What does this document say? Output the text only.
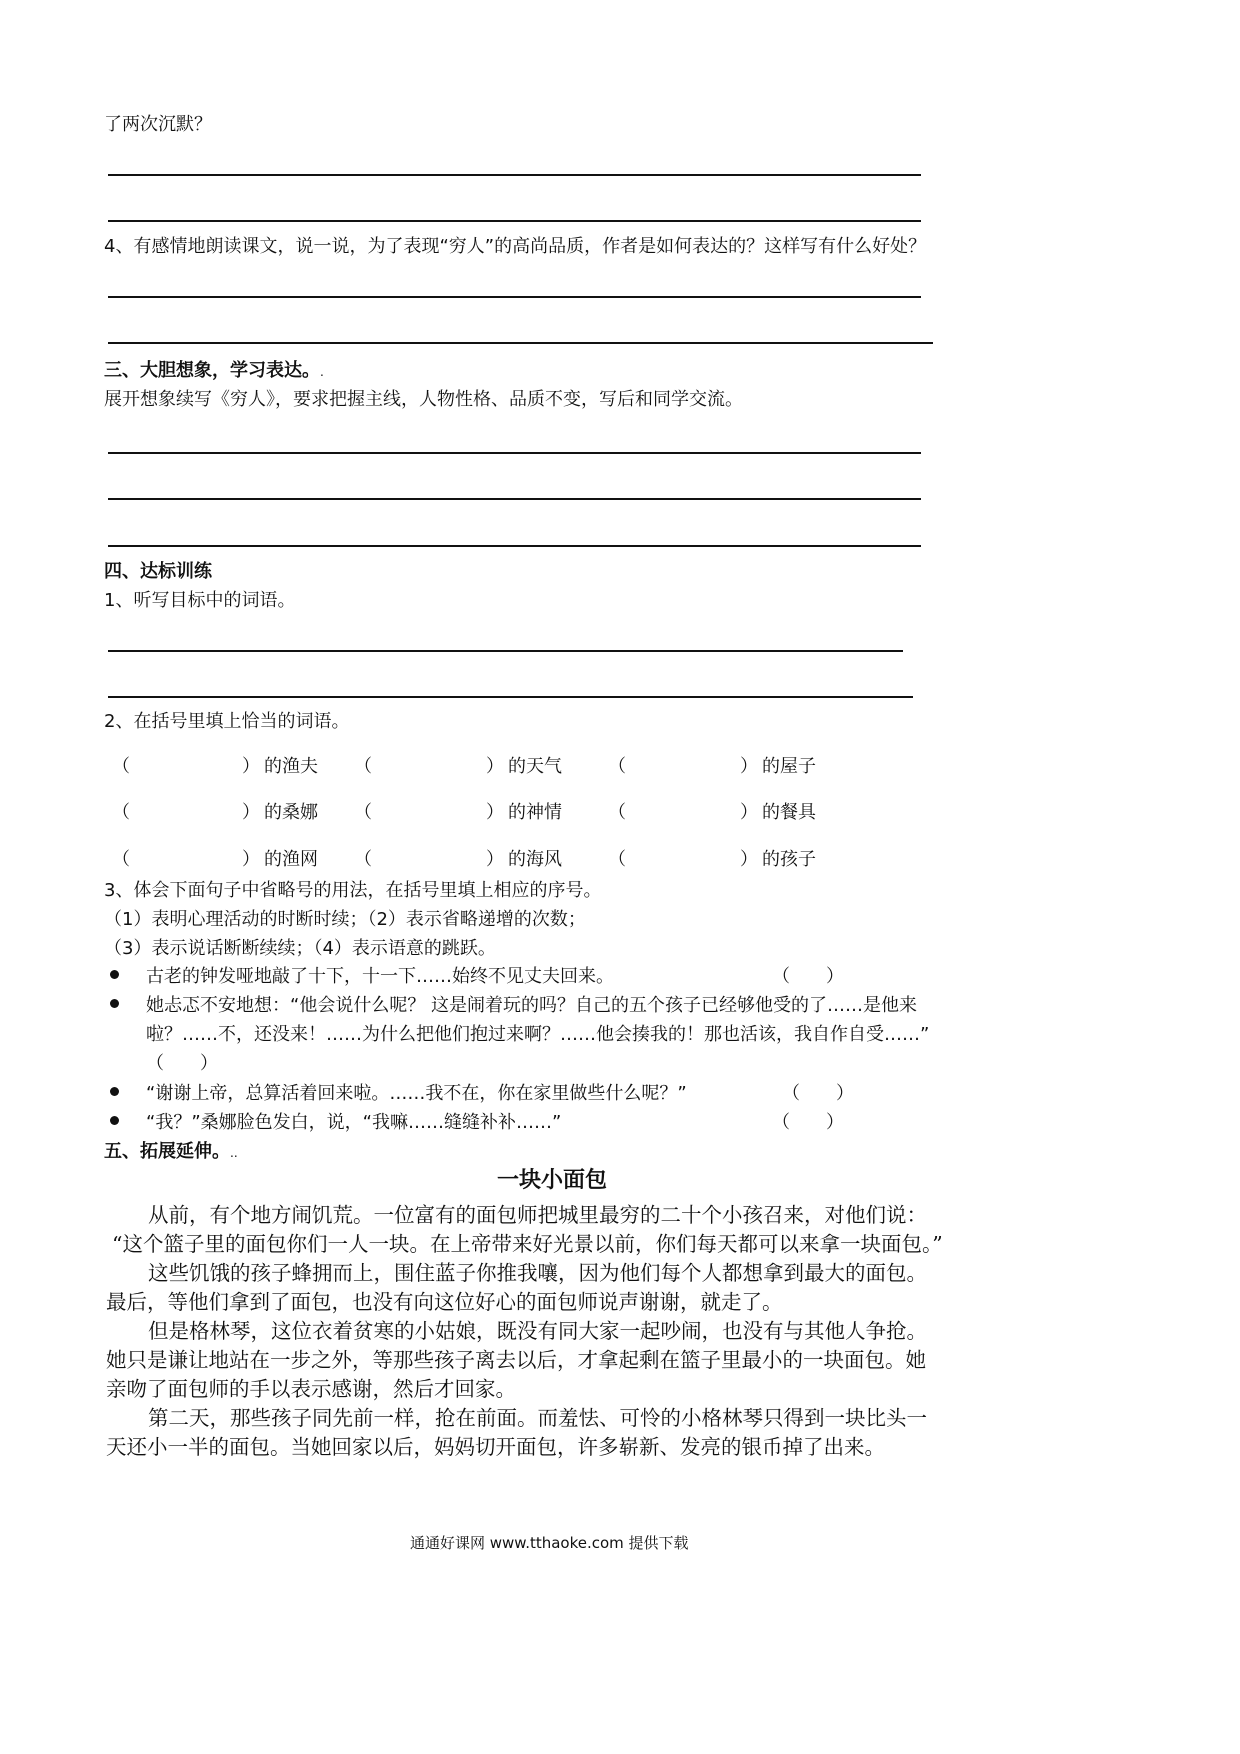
了两次沉默？
4、有感情地朗读课文，说一说，为了表现“穷人”的高尚品质，作者是如何表达的？这样写有什么好处？
三、大胆想象，学习表达。.
展开想象续写《穷人》，要求把握主线，人物性格、品质不变，写后和同学交流。
四、达标训练
1、听写目标中的词语。
2、在括号里填上恰当的词语。
（	） 的渔夫 （	） 的天气	（	） 的屋子
（	） 的桑娜 （	） 的神情	（	） 的餐具
（	） 的渔网 （	） 的海风	（	） 的孩子
3、体会下面句子中省略号的用法，在括号里填上相应的序号。
（1）表明心理活动的时断时续；（2）表示省略递增的次数；
（3）表示说话断断续续；（4）表示语意的跳跃。
古老的钟发哑地敲了十下，十一下……始终不见丈夫回来。	（　　）
她忐忑不安地想：“他会说什么呢？ 这是闹着玩的吗？自己的五个孩子已经够他受的了……是他来
啦？……不，还没来！……为什么把他们抱过来啊？……他会揍我的！那也活该，我自作自受……”
（　　）
“谢谢上帝，总算活着回来啦。……我不在，你在家里做些什么呢？”	（　　）
“我？”桑娜脸色发白，说，“我嘛……缝缝补补……”	（　　）
五、拓展延伸。..
一块小面包
从前，有个地方闹饥荒。一位富有的面包师把城里最穷的二十个小孩召来，对他们说：
“这个篮子里的面包你们一人一块。在上帝带来好光景以前，你们每天都可以来拿一块面包。”
这些饥饿的孩子蜂拥而上，围住蓝子你推我嚷，因为他们每个人都想拿到最大的面包。
最后，等他们拿到了面包，也没有向这位好心的面包师说声谢谢，就走了。
但是格林琴，这位衣着贫寒的小姑娘，既没有同大家一起吵闹，也没有与其他人争抢。
她只是谦让地站在一步之外，等那些孩子离去以后，才拿起剩在篮子里最小的一块面包。她
亲吻了面包师的手以表示感谢，然后才回家。
第二天，那些孩子同先前一样，抢在前面。而羞怯、可怜的小格林琴只得到一块比头一
天还小一半的面包。当她回家以后，妈妈切开面包，许多崭新、发亮的银币掉了出来。
通通好课网 www.tthaoke.com 提供下载
